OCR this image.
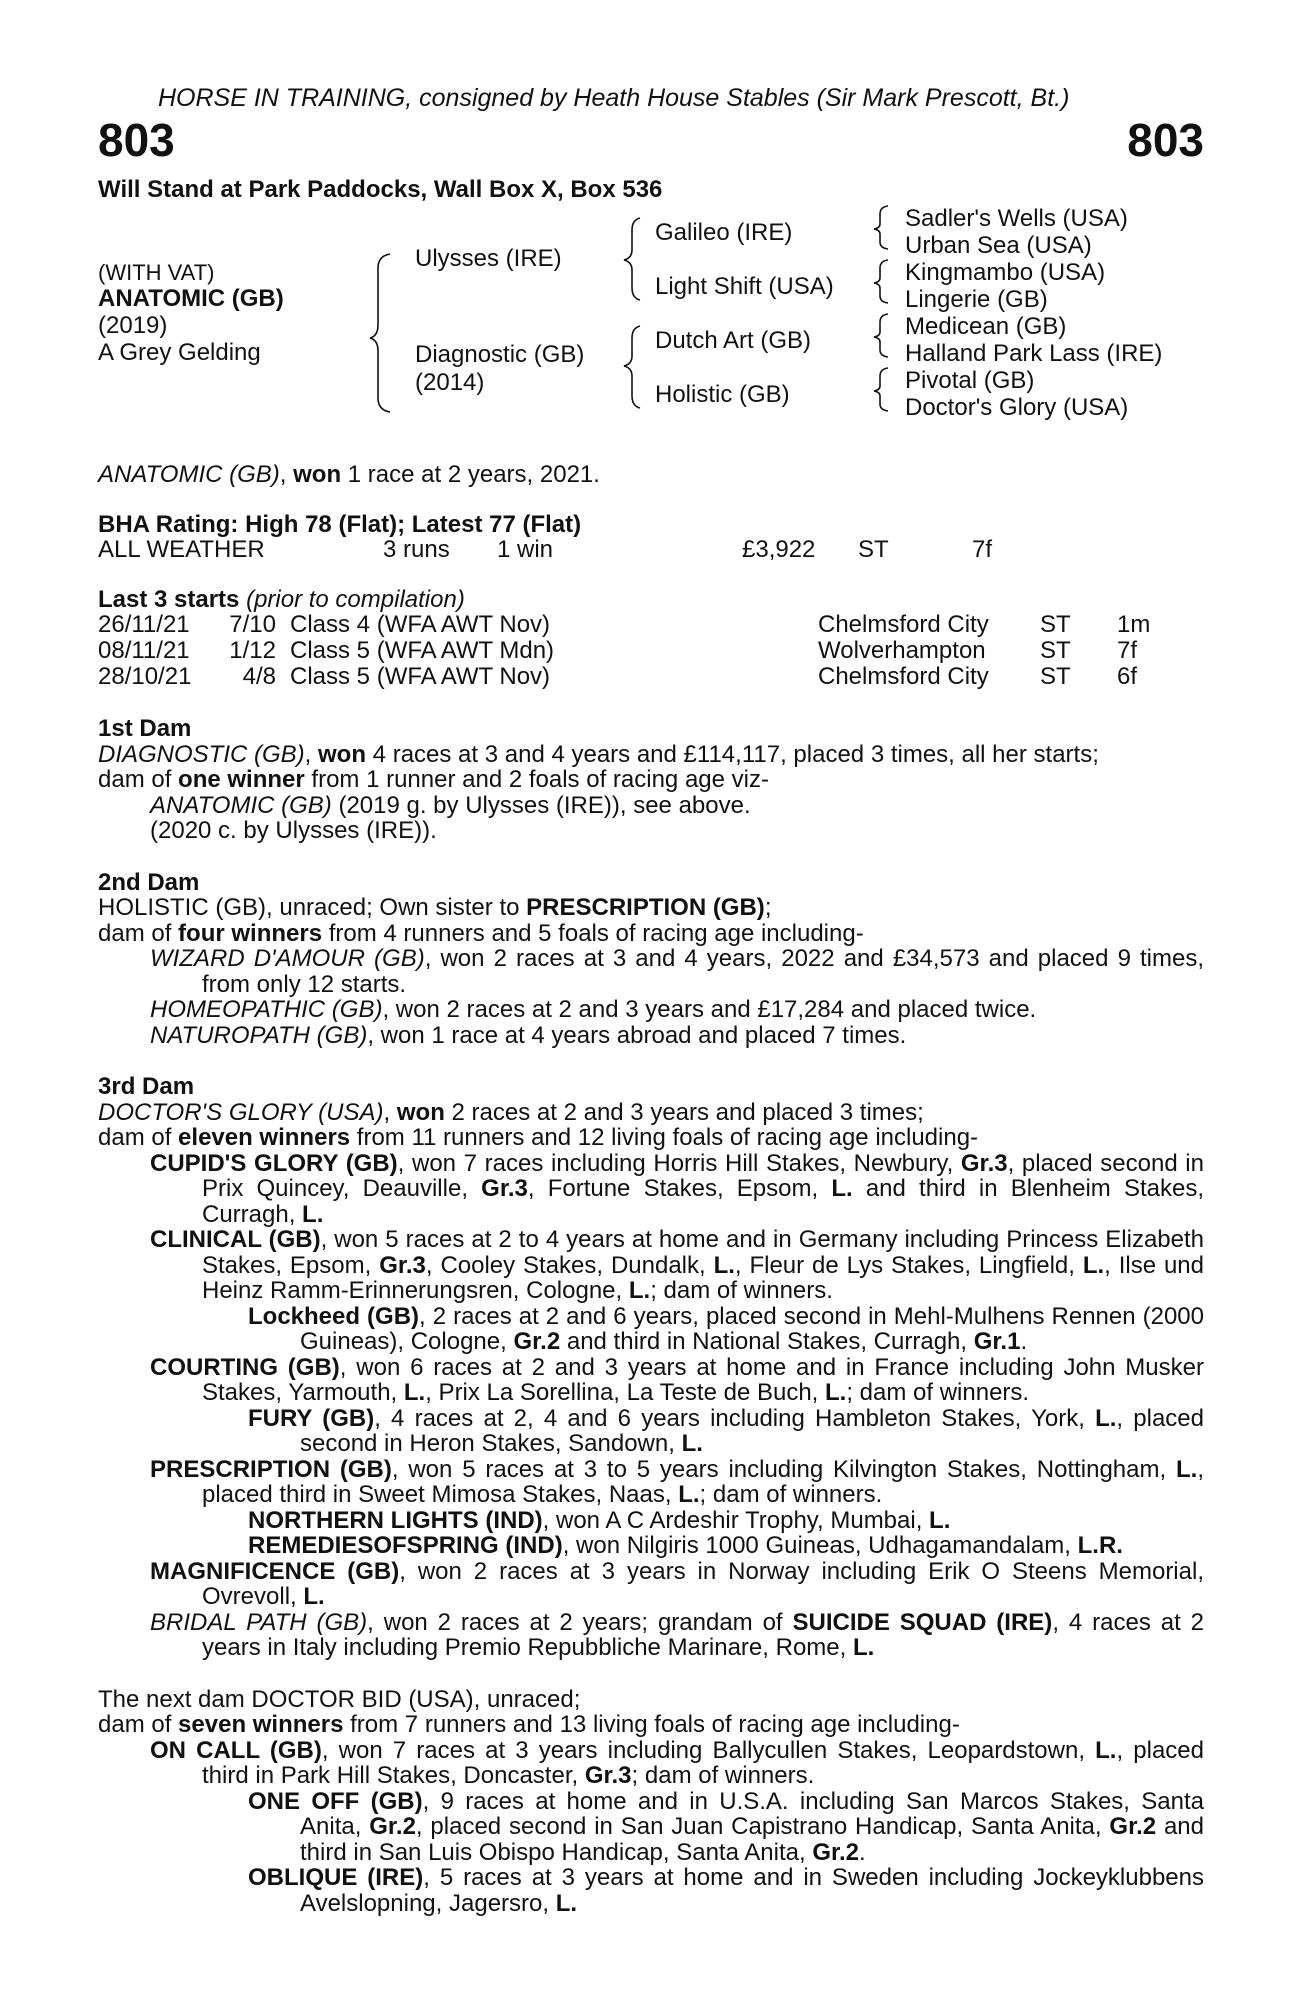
HORSE IN TRAINING, consigned by Heath House Stables (Sir Mark Prescott, Bt.)
803	803
Will Stand at Park Paddocks, Wall Box X, Box 536
(WITH VAT)
ANATOMIC (GB)
(2019)
A Grey Gelding
Ulysses (IRE)
Diagnostic (GB)
(2014)
Galileo (IRE)
Light Shift (USA)
Dutch Art (GB)
Holistic (GB)
Sadler's Wells (USA)
Urban Sea (USA)
Kingmambo (USA)
Lingerie (GB)
Medicean (GB)
Halland Park Lass (IRE)
Pivotal (GB)
Doctor's Glory (USA)
ANATOMIC (GB), won 1 race at 2 years, 2021.
BHA Rating: High 78 (Flat); Latest 77 (Flat)
ALL WEATHER	3 runs 1 win	£3,922 ST	7f
Last 3 starts (prior to compilation)
26/11/21 7/10 Class 4 (WFA AWT Nov)	Chelmsford City ST 1m
08/11/21 1/12 Class 5 (WFA AWT Mdn)	Wolverhampton ST 7f
28/10/21	4/8 Class 5 (WFA AWT Nov)	Chelmsford City ST 6f

1st Dam

DIAGNOSTIC (GB), won 4 races at 3 and 4 years and £114,117, placed 3 times, all her starts;

dam of one winner from 1 runner and 2 foals of racing age viz-

ANATOMIC (GB) (2019 g. by Ulysses (IRE)), see above.

(2020 c. by Ulysses (IRE)).

2nd Dam

HOLISTIC (GB), unraced; Own sister to PRESCRIPTION (GB);

dam of four winners from 4 runners and 5 foals of racing age including-

WIZARD D'AMOUR (GB), won 2 races at 3 and 4 years, 2022 and £34,573 and placed 9 times, from only 12 starts.

HOMEOPATHIC (GB), won 2 races at 2 and 3 years and £17,284 and placed twice.

NATUROPATH (GB), won 1 race at 4 years abroad and placed 7 times.

3rd Dam

DOCTOR'S GLORY (USA), won 2 races at 2 and 3 years and placed 3 times;

dam of eleven winners from 11 runners and 12 living foals of racing age including-

CUPID'S GLORY (GB), won 7 races including Horris Hill Stakes, Newbury, Gr.3, placed second in Prix Quincey, Deauville, Gr.3, Fortune Stakes, Epsom, L. and third in Blenheim Stakes, Curragh, L.

CLINICAL (GB), won 5 races at 2 to 4 years at home and in Germany including Princess Elizabeth Stakes, Epsom, Gr.3, Cooley Stakes, Dundalk, L., Fleur de Lys Stakes, Lingfield, L., Ilse und Heinz Ramm-Erinnerungsren, Cologne, L.; dam of winners.

Lockheed (GB), 2 races at 2 and 6 years, placed second in Mehl-Mulhens Rennen (2000 Guineas), Cologne, Gr.2 and third in National Stakes, Curragh, Gr.1.

COURTING (GB), won 6 races at 2 and 3 years at home and in France including John Musker Stakes, Yarmouth, L., Prix La Sorellina, La Teste de Buch, L.; dam of winners.

FURY (GB), 4 races at 2, 4 and 6 years including Hambleton Stakes, York, L., placed second in Heron Stakes, Sandown, L.

PRESCRIPTION (GB), won 5 races at 3 to 5 years including Kilvington Stakes, Nottingham, L., placed third in Sweet Mimosa Stakes, Naas, L.; dam of winners.

NORTHERN LIGHTS (IND), won A C Ardeshir Trophy, Mumbai, L.

REMEDIESOFSPRING (IND), won Nilgiris 1000 Guineas, Udhagamandalam, L.R.

MAGNIFICENCE (GB), won 2 races at 3 years in Norway including Erik O Steens Memorial, Ovrevoll, L.

BRIDAL PATH (GB), won 2 races at 2 years; grandam of SUICIDE SQUAD (IRE), 4 races at 2 years in Italy including Premio Repubbliche Marinare, Rome, L.

The next dam DOCTOR BID (USA), unraced;

dam of seven winners from 7 runners and 13 living foals of racing age including-

ON CALL (GB), won 7 races at 3 years including Ballycullen Stakes, Leopardstown, L., placed third in Park Hill Stakes, Doncaster, Gr.3; dam of winners.

ONE OFF (GB), 9 races at home and in U.S.A. including San Marcos Stakes, Santa Anita, Gr.2, placed second in San Juan Capistrano Handicap, Santa Anita, Gr.2 and third in San Luis Obispo Handicap, Santa Anita, Gr.2.

OBLIQUE (IRE), 5 races at 3 years at home and in Sweden including Jockeyklubbens Avelslopning, Jagersro, L.
